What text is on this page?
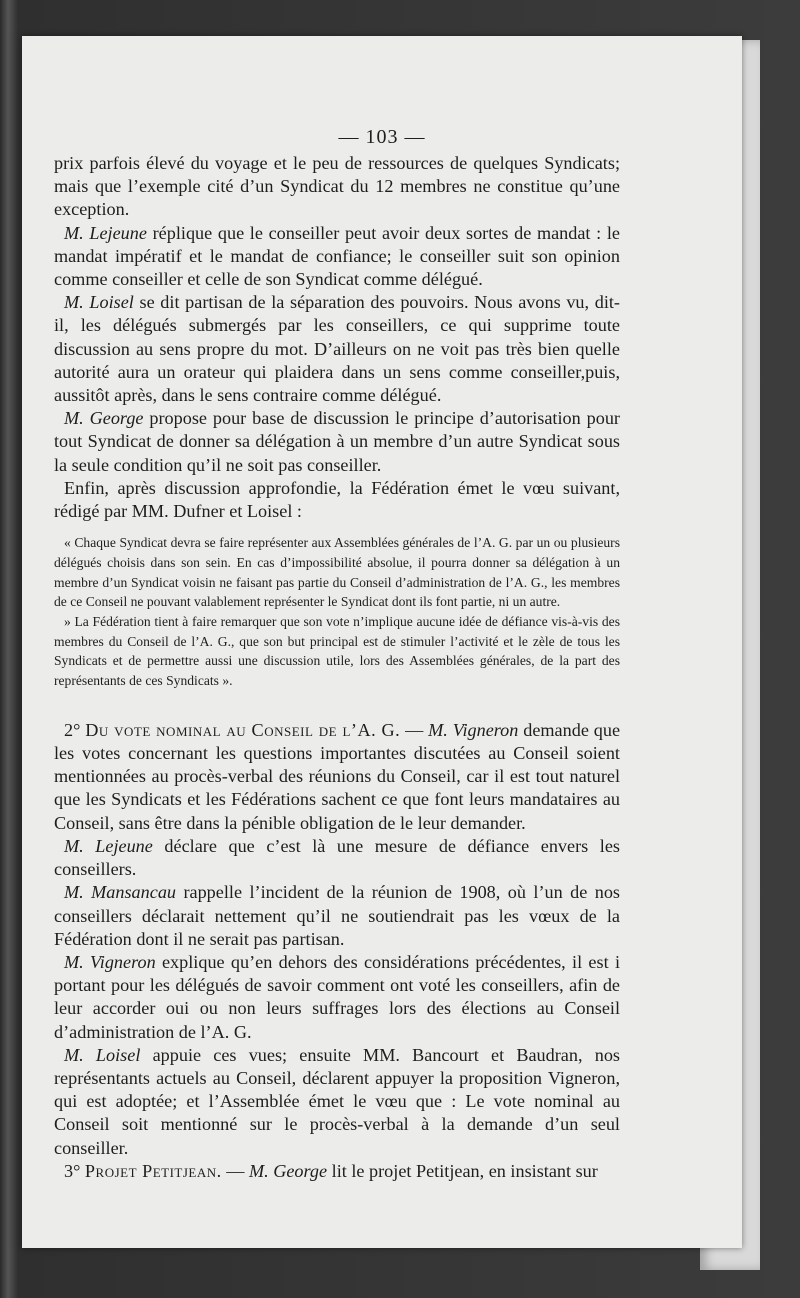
— 103 —

prix parfois élevé du voyage et le peu de ressources de quelques Syndicats; mais que l’exemple cité d’un Syndicat du 12 membres ne constitue qu’une exception.

M. Lejeune réplique que le conseiller peut avoir deux sortes de mandat : le mandat impératif et le mandat de confiance; le conseiller suit son opinion comme conseiller et celle de son Syndicat comme délégué.

M. Loisel se dit partisan de la séparation des pouvoirs. Nous avons vu, dit-il, les délégués submergés par les conseillers, ce qui supprime toute discussion au sens propre du mot. D’ailleurs on ne voit pas très bien quelle autorité aura un orateur qui plaidera dans un sens comme conseiller,puis, aussitôt après, dans le sens contraire comme délégué.

M. George propose pour base de discussion le principe d’autorisation pour tout Syndicat de donner sa délégation à un membre d’un autre Syndicat sous la seule condition qu’il ne soit pas conseiller.

Enfin, après discussion approfondie, la Fédération émet le vœu suivant, rédigé par MM. Dufner et Loisel :

« Chaque Syndicat devra se faire représenter aux Assemblées générales de l’A. G. par un ou plusieurs délégués choisis dans son sein. En cas d’impossibilité absolue, il pourra donner sa délégation à un membre d’un Syndicat voisin ne faisant pas partie du Conseil d’administration de l’A. G., les membres de ce Conseil ne pouvant valablement représenter le Syndicat dont ils font partie, ni un autre.

» La Fédération tient à faire remarquer que son vote n’implique aucune idée de défiance vis-à-vis des membres du Conseil de l’A. G., que son but principal est de stimuler l’activité et le zèle de tous les Syndicats et de permettre aussi une discussion utile, lors des Assemblées générales, de la part des représentants de ces Syndicats ».

2° Du vote nominal au Conseil de l’A. G. — M. Vigneron demande que les votes concernant les questions importantes discutées au Conseil soient mentionnées au procès-verbal des réunions du Conseil, car il est tout naturel que les Syndicats et les Fédérations sachent ce que font leurs mandataires au Conseil, sans être dans la pénible obligation de le leur demander.

M. Lejeune déclare que c’est là une mesure de défiance envers les conseillers.

M. Mansancau rappelle l’incident de la réunion de 1908, où l’un de nos conseillers déclarait nettement qu’il ne soutiendrait pas les vœux de la Fédération dont il ne serait pas partisan.

M. Vigneron explique qu’en dehors des considérations précédentes, il est i portant pour les délégués de savoir comment ont voté les conseillers, afin de leur accorder oui ou non leurs suffrages lors des élections au Conseil d’administration de l’A. G.

M. Loisel appuie ces vues; ensuite MM. Bancourt et Baudran, nos représentants actuels au Conseil, déclarent appuyer la proposition Vigneron, qui est adoptée; et l’Assemblée émet le vœu que : Le vote nominal au Conseil soit mentionné sur le procès-verbal à la demande d’un seul conseiller.

3° Projet Petitjean. — M. George lit le projet Petitjean, en insistant sur
